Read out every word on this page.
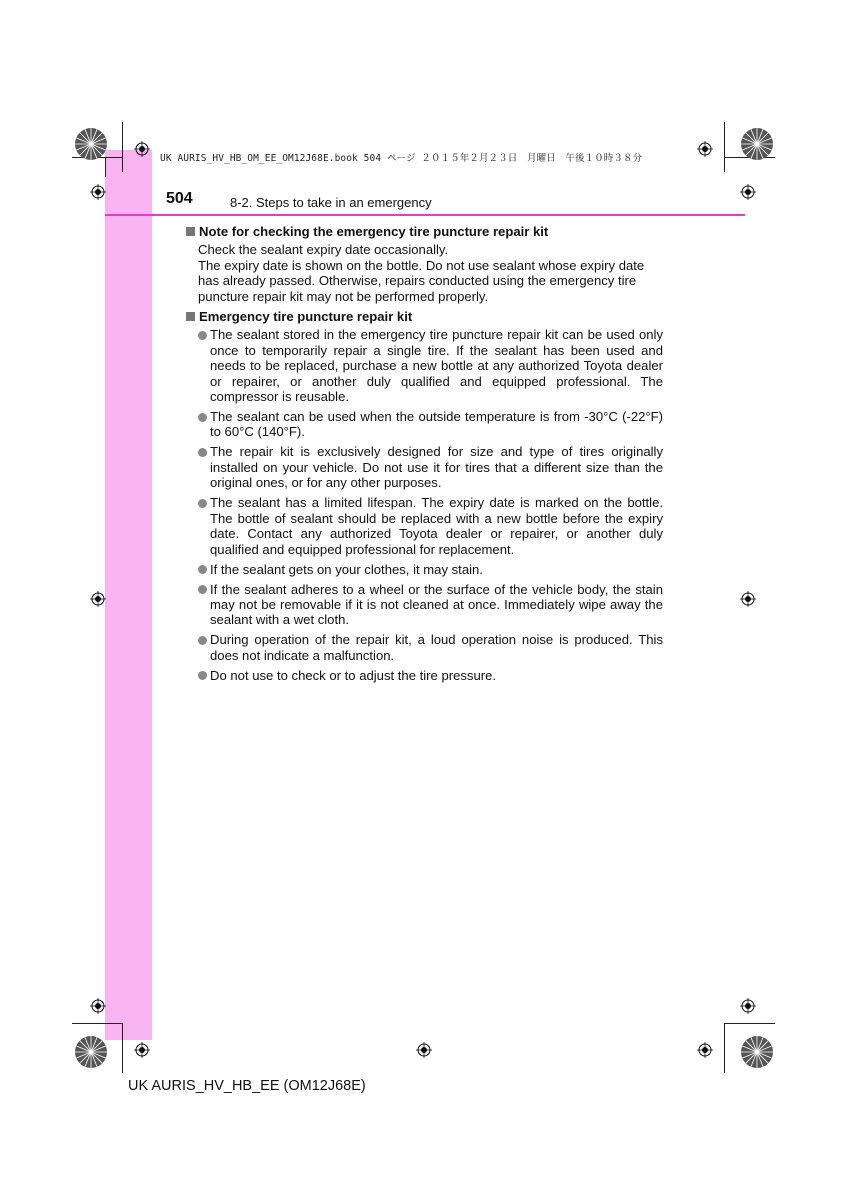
UK AURIS_HV_HB_OM_EE_OM12J68E.book 504 ページ ２０１５年２月２３日　月曜日　午後１０時３８分
504	8-2. Steps to take in an emergency
Note for checking the emergency tire puncture repair kit

Check the sealant expiry date occasionally.

The expiry date is shown on the bottle. Do not use sealant whose expiry date has already passed. Otherwise, repairs conducted using the emergency tire puncture repair kit may not be performed properly.

Emergency tire puncture repair kit
The sealant stored in the emergency tire puncture repair kit can be used only once to temporarily repair a single tire. If the sealant has been used and needs to be replaced, purchase a new bottle at any authorized Toyota dealer or repairer, or another duly qualified and equipped professional. The compressor is reusable.
The sealant can be used when the outside temperature is from -30°C (-22°F) to 60°C (140°F).
The repair kit is exclusively designed for size and type of tires originally installed on your vehicle. Do not use it for tires that a different size than the original ones, or for any other purposes.
The sealant has a limited lifespan. The expiry date is marked on the bottle. The bottle of sealant should be replaced with a new bottle before the expiry date. Contact any authorized Toyota dealer or repairer, or another duly qualified and equipped professional for replacement.
If the sealant gets on your clothes, it may stain.
If the sealant adheres to a wheel or the surface of the vehicle body, the stain may not be removable if it is not cleaned at once. Immediately wipe away the sealant with a wet cloth.
During operation of the repair kit, a loud operation noise is produced. This does not indicate a malfunction.
Do not use to check or to adjust the tire pressure.
UK AURIS_HV_HB_EE (OM12J68E)
